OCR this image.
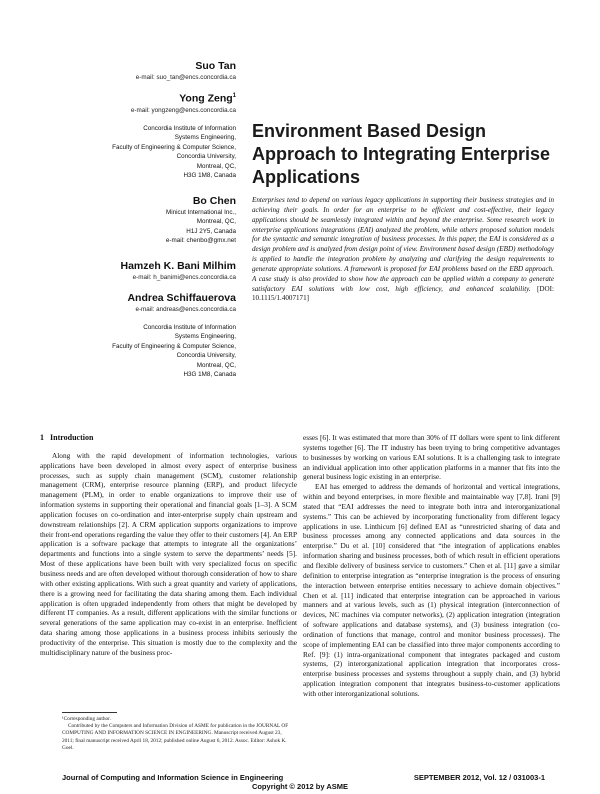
Suo Tan
e-mail: suo_tan@encs.concordia.ca
Yong Zeng$^1$
e-mail: yongzeng@encs.concordia.ca
Concordia Institute of Information
Systems Engineering,
Faculty of Engineering & Computer Science,
Concordia University,
Montreal, QC,
H3G 1M8, Canada
Bo Chen
Minicut International Inc.,
Montreal, QC,
H1J 2Y5, Canada
e-mail: chenbo@gmx.net
Hamzeh K. Bani Milhim
e-mail: h_banimi@encs.concordia.ca
Andrea Schiffauerova
e-mail: andreas@encs.concordia.ca
Concordia Institute of Information
Systems Engineering,
Faculty of Engineering & Computer Science,
Concordia University,
Montreal, QC,
H3G 1M8, Canada
Environment Based Design Approach to Integrating Enterprise Applications
Enterprises tend to depend on various legacy applications in supporting their business strategies and in achieving their goals. In order for an enterprise to be efficient and cost-effective, their legacy applications should be seamlessly integrated within and beyond the enterprise. Some research work in enterprise applications integrations (EAI) analyzed the problem, while others proposed solution models for the syntactic and semantic integration of business processes. In this paper, the EAI is considered as a design problem and is analyzed from design point of view. Environment based design (EBD) methodology is applied to handle the integration problem by analyzing and clarifying the design requirements to generate appropriate solutions. A framework is proposed for EAI problems based on the EBD approach. A case study is also provided to show how the approach can be applied within a company to generate satisfactory EAI solutions with low cost, high efficiency, and enhanced scalability. [DOI: 10.1115/1.4007171]
1 Introduction

Along with the rapid development of information technologies, various applications have been developed in almost every aspect of enterprise business processes, such as supply chain management (SCM), customer relationship management (CRM), enterprise resource planning (ERP), and product lifecycle management (PLM), in order to enable organizations to improve their use of information systems in supporting their operational and financial goals [1–3]. A SCM application focuses on co-ordination and inter-enterprise supply chain upstream and downstream relationships [2]. A CRM application supports organizations to improve their front-end operations regarding the value they offer to their customers [4]. An ERP application is a software package that attempts to integrate all the organizations’ departments and functions into a single system to serve the departments’ needs [5]. Most of these applications have been built with very specialized focus on specific business needs and are often developed without thorough consideration of how to share with other existing applications. With such a great quantity and variety of applications, there is a growing need for facilitating the data sharing among them. Each individual application is often upgraded independently from others that might be developed by different IT companies. As a result, different applications with the similar functions or several generations of the same application may co-exist in an enterprise. Inefficient data sharing among those applications in a business process inhibits seriously the productivity of the enterprise. This situation is mostly due to the complexity and the multidisciplinary nature of the business proc-

esses [6]. It was estimated that more than 30% of IT dollars were spent to link different systems together [6]. The IT industry has been trying to bring competitive advantages to businesses by working on various EAI solutions. It is a challenging task to integrate an individual application into other application platforms in a manner that fits into the general business logic existing in an enterprise.

EAI has emerged to address the demands of horizontal and vertical integrations, within and beyond enterprises, in more flexible and maintainable way [7,8]. Irani [9] stated that “EAI addresses the need to integrate both intra and interorganizational systems.” This can be achieved by incorporating functionality from different legacy applications in use. Linthicum [6] defined EAI as “unrestricted sharing of data and business processes among any connected applications and data sources in the enterprise.” Du et al. [10] considered that “the integration of applications enables information sharing and business processes, both of which result in efficient operations and flexible delivery of business service to customers.” Chen et al. [11] gave a similar definition to enterprise integration as “enterprise integration is the process of ensuring the interaction between enterprise entities necessary to achieve domain objectives.” Chen et al. [11] indicated that enterprise integration can be approached in various manners and at various levels, such as (1) physical integration (interconnection of devices, NC machines via computer networks), (2) application integration (integration of software applications and database systems), and (3) business integration (co-ordination of functions that manage, control and monitor business processes). The scope of implementing EAI can be classified into three major components according to Ref. [9]: (1) intra-organizational component that integrates packaged and custom systems, (2) interorganizational application integration that incorporates cross-enterprise business processes and systems throughout a supply chain, and (3) hybrid application integration component that integrates business-to-customer applications with other interorganizational solutions.

¹Corresponding author.

Contributed by the Computers and Information Division of ASME for publication in the JOURNAL OF COMPUTING AND INFORMATION SCIENCE IN ENGINEERING. Manuscript received August 23, 2011; final manuscript received April 18, 2012; published online August 6, 2012. Assoc. Editor: Ashok K. Goel.

Journal of Computing and Information Science in Engineering	SEPTEMBER 2012, Vol. 12 / 031003-1
Copyright © 2012 by ASME
